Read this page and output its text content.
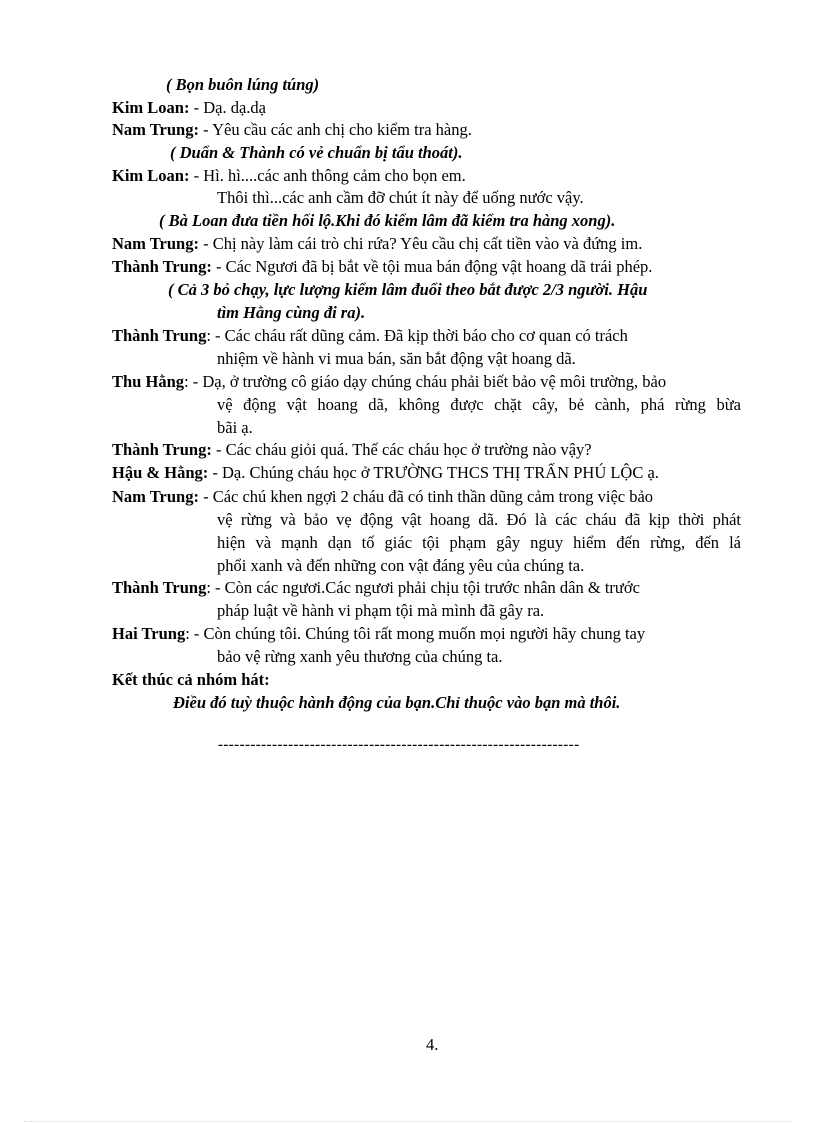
( Bọn buôn lúng túng)
Kim Loan: - Dạ. dạ.dạ
Nam Trung: - Yêu cầu các anh chị cho kiểm tra hàng.
( Duẩn & Thành có vẻ chuẩn bị tẩu thoát).
Kim Loan: - Hì. hì....các anh thông cảm cho bọn em.
Thôi thì...các anh cầm đỡ chút ít này để uống nước vậy.
( Bà Loan đưa tiền hối lộ.Khi đó kiểm lâm đã kiểm tra hàng xong).
Nam Trung: - Chị này làm cái trò chi rứa? Yêu cầu chị cất tiền vào và đứng im.
Thành Trung: - Các Ngươi đã bị bắt về tội mua bán động vật hoang dã trái phép.
( Cả 3 bỏ chạy, lực lượng kiểm lâm đuổi theo bắt được 2/3 người. Hậu
tìm Hằng cùng đi ra).
Thành Trung: - Các cháu rất dũng cảm. Đã kịp thời báo cho cơ quan có trách
nhiệm về hành vi mua bán, săn bắt động vật hoang dã.
Thu Hằng: - Dạ, ở trường cô giáo dạy chúng cháu phải biết bảo vệ môi trường, bảo
vệ động vật hoang dã, không được chặt cây, bẻ cành, phá rừng bừa
bãi ạ.
Thành Trung: - Các cháu giỏi quá. Thế các cháu học ở trường nào vậy?
Hậu & Hằng: - Dạ. Chúng cháu học ở TRƯỜNG THCS THỊ TRẤN PHÚ LỘC ạ.
Nam Trung: - Các chú khen ngợi 2 cháu đã có tinh thần dũng cảm trong việc bảo
vệ rừng và bảo vẹ động vật hoang dã. Đó là các cháu đã kịp thời phát
hiện và mạnh dạn tố giác tội phạm gây nguy hiểm đến rừng, đến lá
phổi xanh và đến những con vật đáng yêu của chúng ta.
Thành Trung: - Còn các ngươi.Các ngươi phải chịu tội trước nhân dân & trước
pháp luật về hành vi phạm tội mà mình đã gây ra.
Hai Trung: - Còn chúng tôi. Chúng tôi rất mong muốn mọi người hãy chung tay
bảo vệ rừng xanh yêu thương của chúng ta.
Kết thúc cả nhóm hát:
Điều đó tuỳ thuộc hành động của bạn.Chỉ thuộc vào bạn mà thôi.
-------------------------------------------------------------------
4.
